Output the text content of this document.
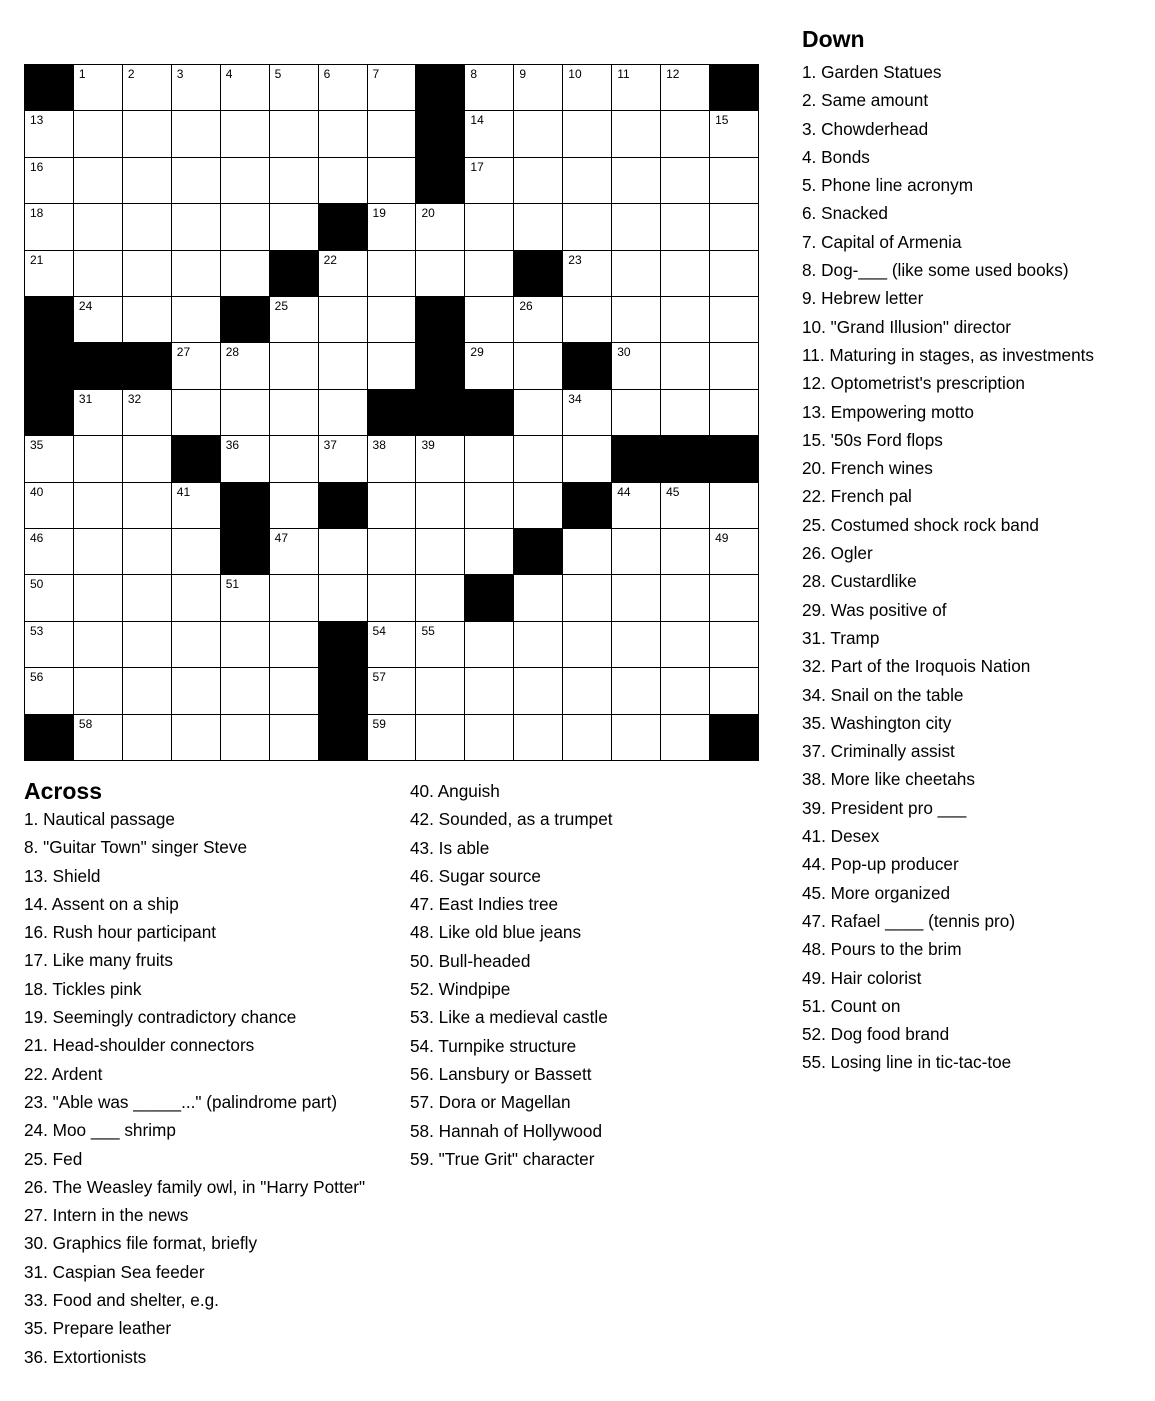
1	2	3	4	5	6	7	8	9	10	11	12
13	14	15
16	17
18	19	20
21	22	23
24	25	26
27	28	29	30
31	32	34
35	36	37	38	39
40	41	44	45
46	47	49
50	51
53	54	55
56	57
58	59
Across
1. Nautical passage
8. "Guitar Town" singer Steve
13. Shield
14. Assent on a ship
16. Rush hour participant
17. Like many fruits
18. Tickles pink
19. Seemingly contradictory chance
21. Head-shoulder connectors
22. Ardent
23. "Able was _____..." (palindrome part)
24. Moo ___ shrimp
25. Fed
26. The Weasley family owl, in "Harry Potter"
27. Intern in the news
30. Graphics file format, briefly
31. Caspian Sea feeder
33. Food and shelter, e.g.
35. Prepare leather
36. Extortionists
40. Anguish
42. Sounded, as a trumpet
43. Is able
46. Sugar source
47. East Indies tree
48. Like old blue jeans
50. Bull-headed
52. Windpipe
53. Like a medieval castle
54. Turnpike structure
56. Lansbury or Bassett
57. Dora or Magellan
58. Hannah of Hollywood
59. "True Grit" character
Down
1. Garden Statues
2. Same amount
3. Chowderhead
4. Bonds
5. Phone line acronym
6. Snacked
7. Capital of Armenia
8. Dog-___ (like some used books)
9. Hebrew letter
10. "Grand Illusion" director
11. Maturing in stages, as investments
12. Optometrist's prescription
13. Empowering motto
15. '50s Ford flops
20. French wines
22. French pal
25. Costumed shock rock band
26. Ogler
28. Custardlike
29. Was positive of
31. Tramp
32. Part of the Iroquois Nation
34. Snail on the table
35. Washington city
37. Criminally assist
38. More like cheetahs
39. President pro ___
41. Desex
44. Pop-up producer
45. More organized
47. Rafael ____ (tennis pro)
48. Pours to the brim
49. Hair colorist
51. Count on
52. Dog food brand
55. Losing line in tic-tac-toe
